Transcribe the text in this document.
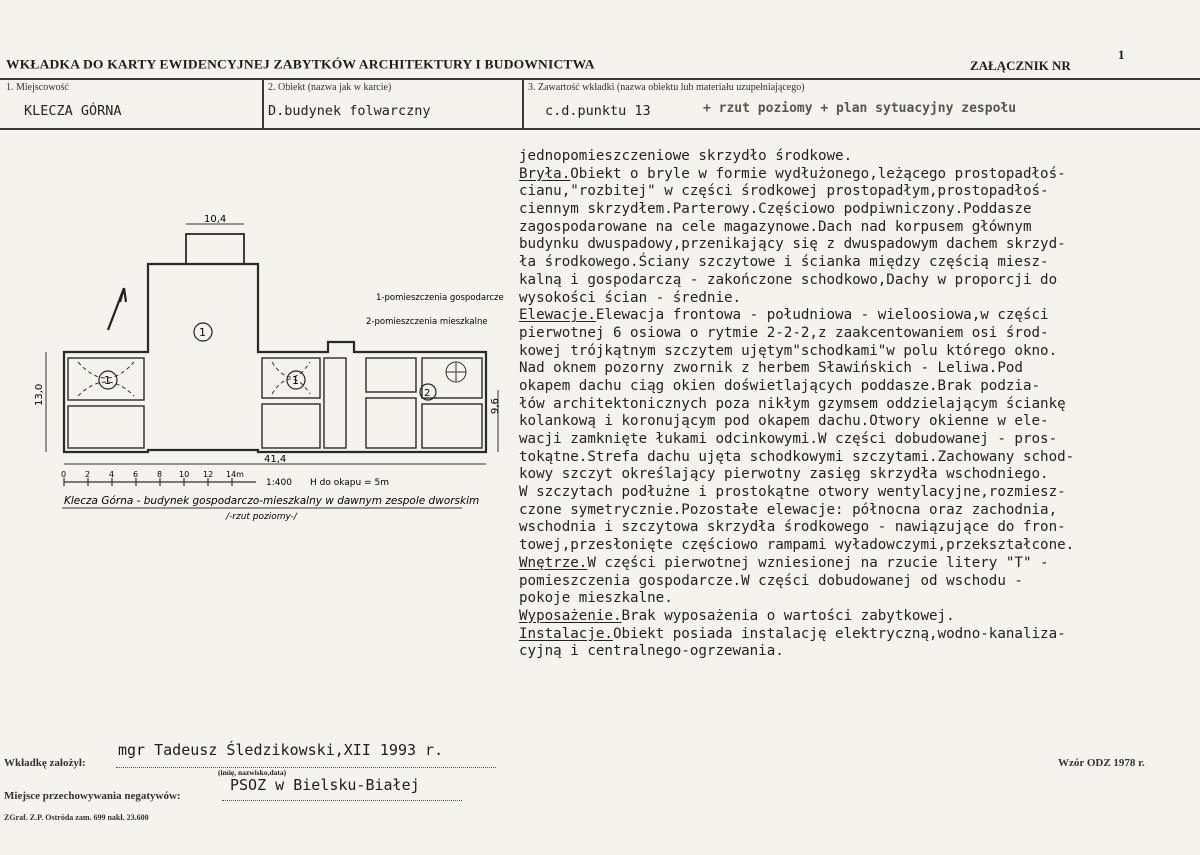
WKŁADKA DO KARTY EWIDENCYJNEJ ZABYTKÓW ARCHITEKTURY I BUDOWNICTWA	ZAŁĄCZNIK NR
1
1. Miejscowość
KLECZA GÓRNA
2. Obiekt (nazwa jak w karcie)
D.budynek folwarczny
3. Zawartość wkładki (nazwa obiektu lub materiału uzupełniającego)
c.d.punktu 13	+ rzut poziomy + plan sytuacyjny zespołu
10,4
13,0
9,6
41,4
1
1	1
2
1-pomieszczenia gospodarcze
2-pomieszczenia mieszkalne
0 2 4 6 8 10 12 14m
1:400 H do okapu = 5m
Klecza Górna - budynek gospodarczo-mieszkalny w dawnym zespole dworskim
/-rzut poziomy-/
jednopomieszczeniowe skrzydło środkowe.
Bryła.Obiekt o bryle w formie wydłużonego,leżącego prostopadłoś-
cianu,"rozbitej" w części środkowej prostopadłym,prostopadłoś-
ciennym skrzydłem.Parterowy.Częściowo podpiwniczony.Poddasze
zagospodarowane na cele magazynowe.Dach nad korpusem głównym
budynku dwuspadowy,przenikający się z dwuspadowym dachem skrzyd-
ła środkowego.Ściany szczytowe i ścianka między częścią miesz-
kalną i gospodarczą - zakończone schodkowo,Dachy w proporcji do
wysokości ścian - średnie.
Elewacje.Elewacja frontowa - południowa - wieloosiowa,w części
pierwotnej 6 osiowa o rytmie 2-2-2,z zaakcentowaniem osi środ-
kowej trójkątnym szczytem ujętym"schodkami"w polu którego okno.
Nad oknem pozorny zwornik z herbem Sławińskich - Leliwa.Pod
okapem dachu ciąg okien doświetlających poddasze.Brak podzia-
łów architektonicznych poza nikłym gzymsem oddzielającym ściankę
kolankową i koronującym pod okapem dachu.Otwory okienne w ele-
wacji zamknięte łukami odcinkowymi.W części dobudowanej - pros-
tokątne.Strefa dachu ujęta schodkowymi szczytami.Zachowany schod-
kowy szczyt określający pierwotny zasięg skrzydła wschodniego.
W szczytach podłużne i prostokątne otwory wentylacyjne,rozmiesz-
czone symetrycznie.Pozostałe elewacje: północna oraz zachodnia,
wschodnia i szczytowa skrzydła środkowego - nawiązujące do fron-
towej,przesłonięte częściowo rampami wyładowczymi,przekształcone.
Wnętrze.W części pierwotnej wzniesionej na rzucie litery "T" -
pomieszczenia gospodarcze.W części dobudowanej od wschodu -
pokoje mieszkalne.
Wyposażenie.Brak wyposażenia o wartości zabytkowej.
Instalacje.Obiekt posiada instalację elektryczną,wodno-kanaliza-
cyjną i centralnego-ogrzewania.
Wkładkę założył:
mgr Tadeusz Śledzikowski,XII 1993 r.
(imię, nazwisko,data)
Miejsce przechowywania negatywów:
PSOZ w Bielsku-Białej
Wzór ODZ 1978 r.
ZGraf. Z.P. Ostróda zam. 699 nakł. 23.600
